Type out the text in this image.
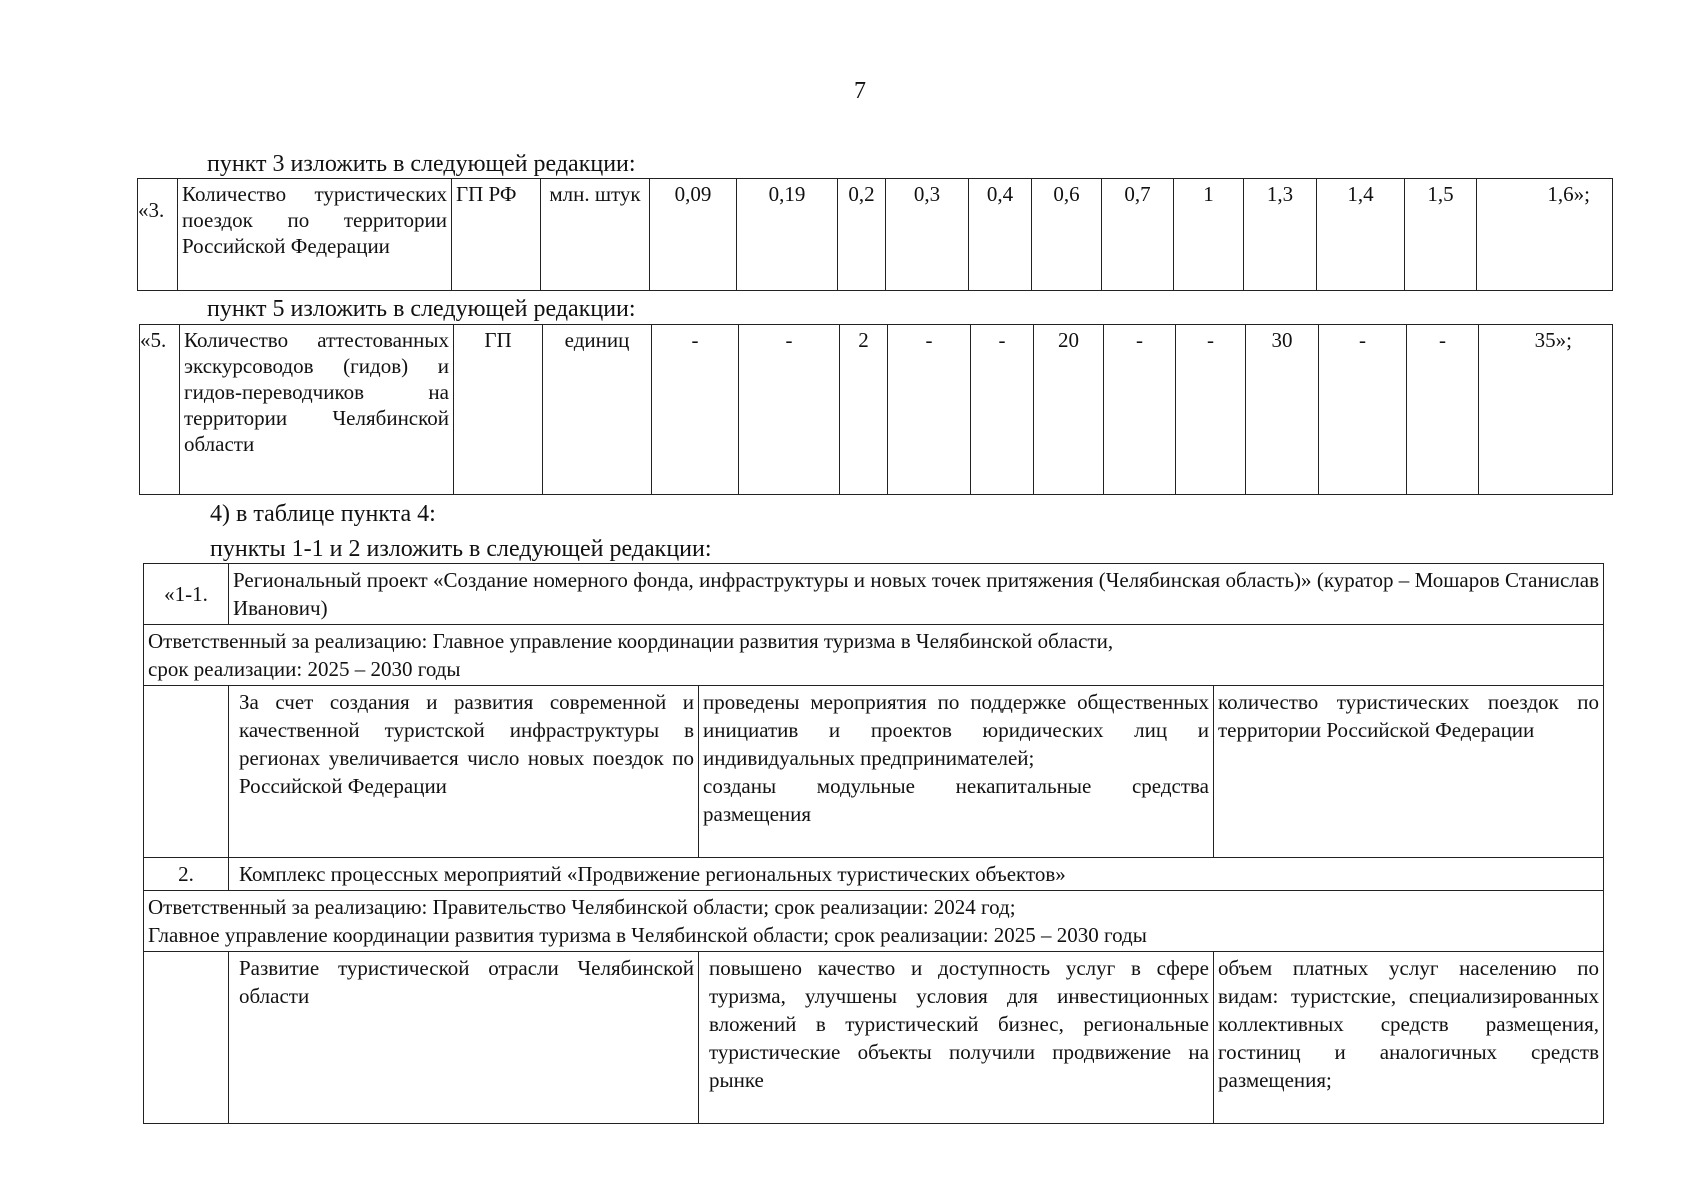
7
пункт 3 изложить в следующей редакции:
«3.	Количество туристических поездок по территории Российской Федерации	ГП РФ	млн. штук	0,09	0,19	0,2	0,3	0,4	0,6	0,7	1	1,3	1,4	1,5	1,6»;
пункт 5 изложить в следующей редакции:
«5.	Количество аттестованных экскурсоводов (гидов) и гидов-переводчиков на территории Челябинской области	ГП	единиц	-	-	2	-	-	20	-	-	30	-	-	35»;
4) в таблице пункта 4:
пункты 1-1 и 2 изложить в следующей редакции:
«1-1.	Региональный проект «Создание номерного фонда, инфраструктуры и новых точек притяжения (Челябинская область)» (куратор – Мошаров Станислав Иванович)		

Ответственный за реализацию: Главное управление координации развития туризма в Челябинской области,
срок реализации: 2025 – 2030 годы			

	За счет создания и развития современной и качественной туристской инфраструктуры в регионах увеличивается число новых поездок по Российской Федерации	проведены мероприятия по поддержке общественных инициатив и проектов юридических лиц и индивидуальных предпринимателей;
созданы модульные некапитальные средства размещения	количество туристических поездок по территории Российской Федерации
2.	Комплекс процессных мероприятий «Продвижение региональных туристических объектов»		

Ответственный за реализацию: Правительство Челябинской области; срок реализации: 2024 год;
Главное управление координации развития туризма в Челябинской области; срок реализации: 2025 – 2030 годы			

	Развитие туристической отрасли Челябинской области	повышено качество и доступность услуг в сфере туризма, улучшены условия для инвестиционных вложений в туристический бизнес, региональные туристические объекты получили продвижение на рынке	объем платных услуг населению по видам: туристские, специализированных коллективных средств размещения, гостиниц и аналогичных средств размещения;
